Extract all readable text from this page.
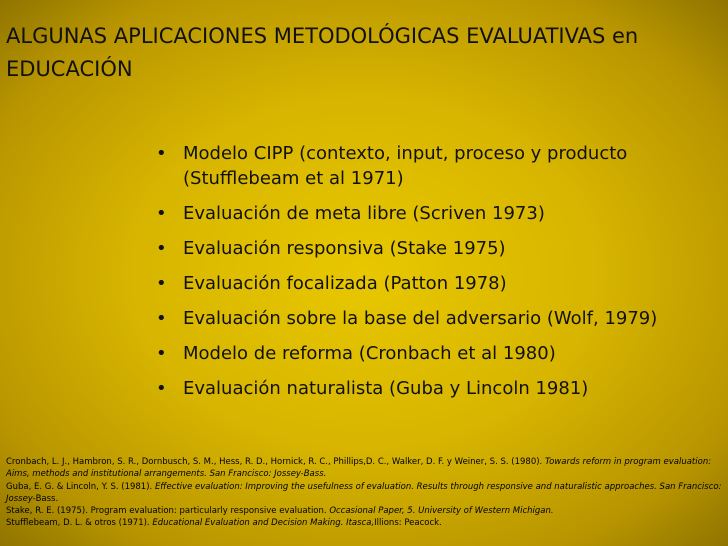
ALGUNAS APLICACIONES METODOLÓGICAS EVALUATIVAS en EDUCACIÓN
• Modelo CIPP (contexto, input, proceso y producto (Stufflebeam et al 1971)
• Evaluación de meta libre (Scriven 1973)
• Evaluación responsiva (Stake 1975)
• Evaluación focalizada (Patton 1978)
• Evaluación sobre la base del adversario (Wolf, 1979)
• Modelo de reforma (Cronbach et al 1980)
• Evaluación naturalista (Guba y Lincoln 1981)

Cronbach, L. J., Hambron, S. R., Dornbusch, S. M., Hess, R. D., Hornick, R. C., Phillips,D. C., Walker, D. F. y Weiner, S. S. (1980). Towards reform in program evaluation: Aims, methods and institutional arrangements. San Francisco: Jossey-Bass.

Guba, E. G. & Lincoln, Y. S. (1981). Effective evaluation: Improving the usefulness of evaluation. Results through responsive and naturalistic approaches. San Francisco: Jossey-Bass.

Stake, R. E. (1975). Program evaluation: particularly responsive evaluation. Occasional Paper, 5. University of Western Michigan.

Stufflebeam, D. L. & otros (1971). Educational Evaluation and Decision Making. Itasca,Illions: Peacock.
